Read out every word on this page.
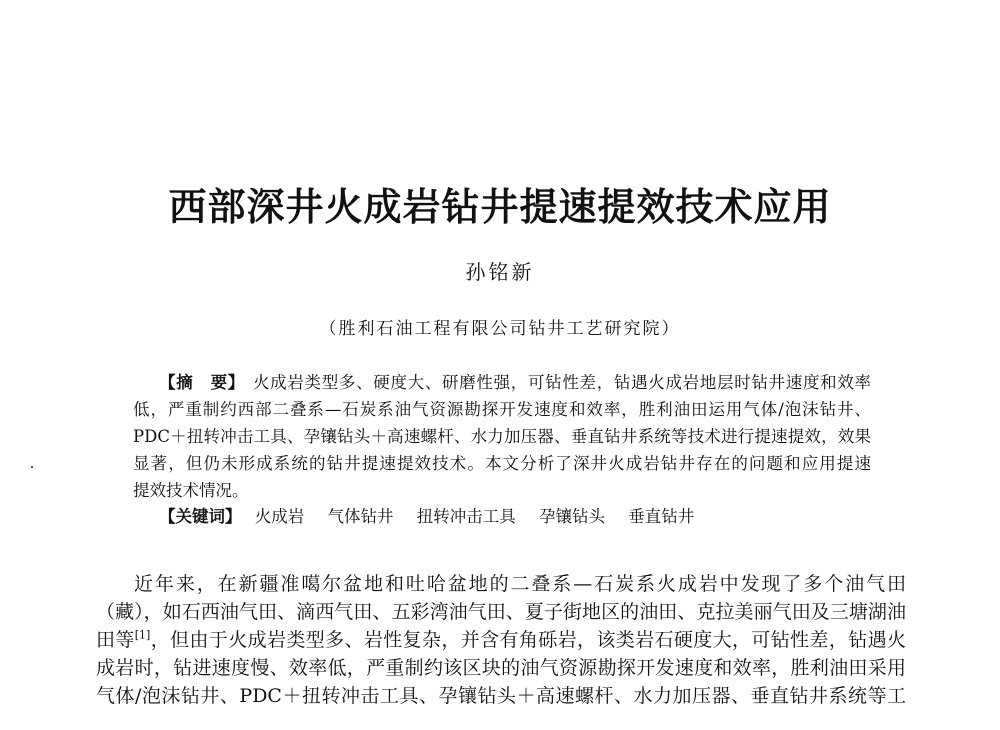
西部深井火成岩钻井提速提效技术应用
孙铭新
（胜利石油工程有限公司钻井工艺研究院）
【摘　要】 火成岩类型多、硬度大、研磨性强，可钻性差，钻遇火成岩地层时钻井速度和效率
低，严重制约西部二叠系—石炭系油气资源勘探开发速度和效率，胜利油田运用气体/泡沫钻井、
PDC＋扭转冲击工具、孕镶钻头＋高速螺杆、水力加压器、垂直钻井系统等技术进行提速提效，效果
显著，但仍未形成系统的钻井提速提效技术。本文分析了深井火成岩钻井存在的问题和应用提速
提效技术情况。
【关键词】 火成岩 气体钻井 扭转冲击工具 孕镶钻头 垂直钻井
近年来，在新疆准噶尔盆地和吐哈盆地的二叠系—石炭系火成岩中发现了多个油气田
（藏），如石西油气田、滴西气田、五彩湾油气田、夏子街地区的油田、克拉美丽气田及三塘湖油
田等[1]，但由于火成岩类型多、岩性复杂，并含有角砾岩，该类岩石硬度大，可钻性差，钻遇火
成岩时，钻进速度慢、效率低，严重制约该区块的油气资源勘探开发速度和效率，胜利油田采用
气体/泡沫钻井、PDC＋扭转冲击工具、孕镶钻头＋高速螺杆、水力加压器、垂直钻井系统等工
